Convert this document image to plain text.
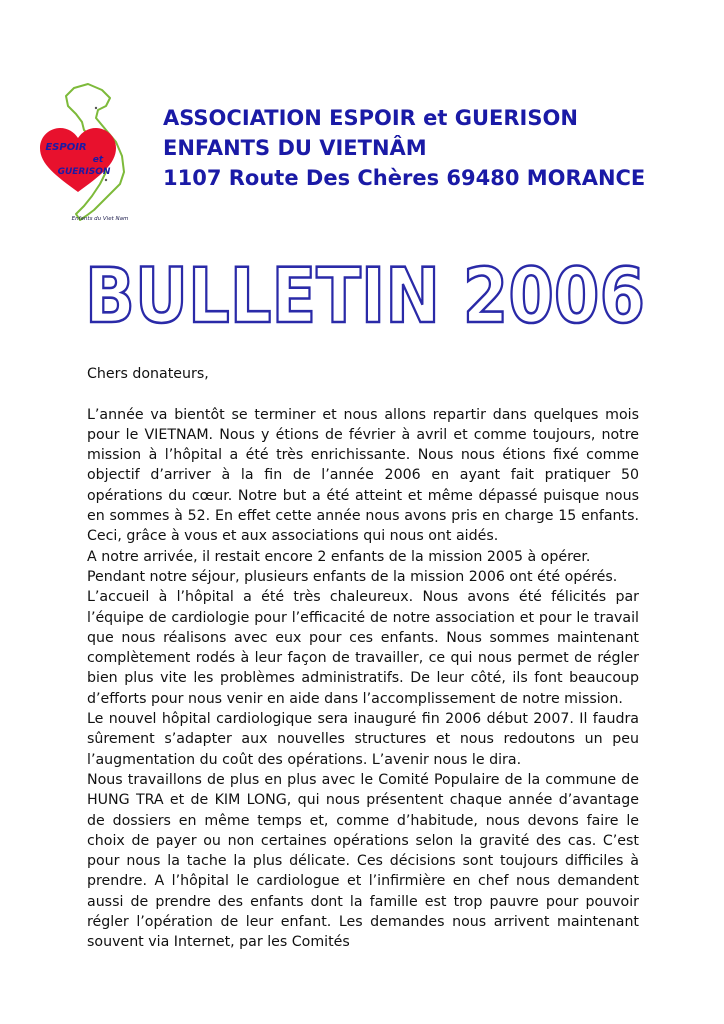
ESPOIR
et
GUERISON
Enfants du Viet Nam
ASSOCIATION ESPOIR et GUERISON
ENFANTS DU VIETNÂM
1107 Route Des Chères 69480 MORANCE
BULLETIN 2006
Chers donateurs,

L’année va bientôt se terminer et nous allons repartir dans quelques mois pour le VIETNAM. Nous y étions de février à avril et comme toujours, notre mission à l’hôpital a été très enrichissante. Nous nous étions fixé comme objectif d’arriver à la fin de l’année 2006 en ayant fait pratiquer 50 opérations du cœur. Notre but a été atteint et même dépassé puisque nous en sommes à 52. En effet cette année nous avons pris en charge 15 enfants. Ceci, grâce à vous et aux associations qui nous ont aidés.

A notre arrivée, il restait encore 2 enfants de la mission 2005 à opérer.

Pendant notre séjour, plusieurs enfants de la mission 2006 ont été opérés.

L’accueil à l’hôpital a été très chaleureux. Nous avons été félicités par l’équipe de cardiologie pour l’efficacité de notre association et pour le travail que nous réalisons avec eux pour ces enfants. Nous sommes maintenant complètement rodés à leur façon de travailler, ce qui nous permet de régler bien plus vite les problèmes administratifs. De leur côté, ils font beaucoup d’efforts pour nous venir en aide dans l’accomplissement de notre mission.

Le nouvel hôpital cardiologique sera inauguré fin 2006 début 2007. Il faudra sûrement s’adapter aux nouvelles structures et nous redoutons un peu l’augmentation du coût des opérations. L’avenir nous le dira.

Nous travaillons de plus en plus avec le Comité Populaire de la commune de HUNG TRA et de KIM LONG, qui nous présentent chaque année d’avantage de dossiers en même temps et, comme d’habitude, nous devons faire le choix de payer ou non certaines opérations selon la gravité des cas. C’est pour nous la tache la plus délicate. Ces décisions sont toujours difficiles à prendre. A l’hôpital le cardiologue et l’infirmière en chef nous demandent aussi de prendre des enfants dont la famille est trop pauvre pour pouvoir régler l’opération de leur enfant. Les demandes nous arrivent maintenant souvent via Internet, par les Comités
